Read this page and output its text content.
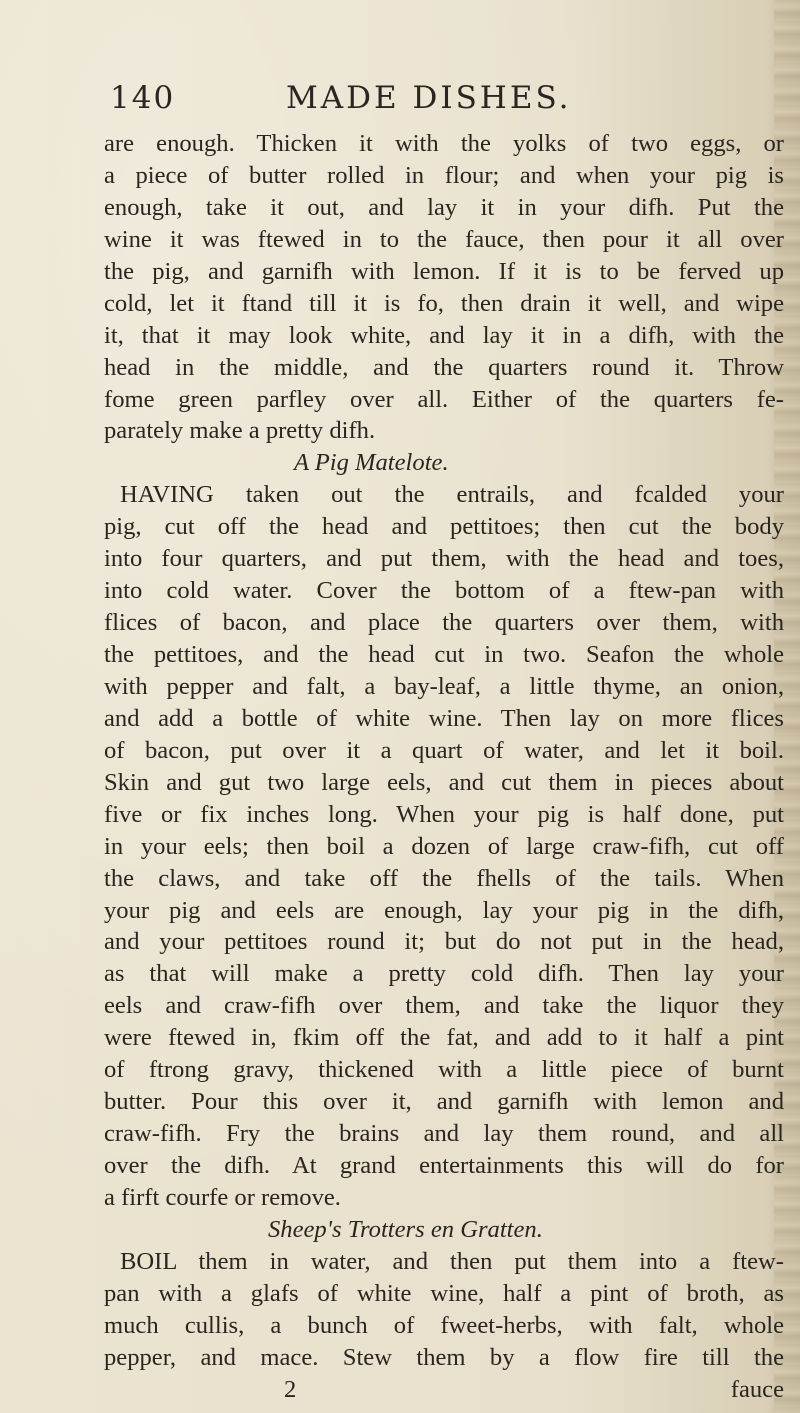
140	MADE DISHES.
are enough. Thicken it with the yolks of two eggs, or
a piece of butter rolled in flour; and when your pig is
enough, take it out, and lay it in your difh. Put the
wine it was ftewed in to the fauce, then pour it all over
the pig, and garnifh with lemon. If it is to be ferved up
cold, let it ftand till it is fo, then drain it well, and wipe
it, that it may look white, and lay it in a difh, with the
head in the middle, and the quarters round it. Throw
fome green parfley over all. Either of the quarters fe-
parately make a pretty difh.
A Pig Matelote.
HAVING taken out the entrails, and fcalded your
pig, cut off the head and pettitoes; then cut the body
into four quarters, and put them, with the head and toes,
into cold water. Cover the bottom of a ftew-pan with
flices of bacon, and place the quarters over them, with
the pettitoes, and the head cut in two. Seafon the whole
with pepper and falt, a bay-leaf, a little thyme, an onion,
and add a bottle of white wine. Then lay on more flices
of bacon, put over it a quart of water, and let it boil.
Skin and gut two large eels, and cut them in pieces about
five or fix inches long. When your pig is half done, put
in your eels; then boil a dozen of large craw-fifh, cut off
the claws, and take off the fhells of the tails. When
your pig and eels are enough, lay your pig in the difh,
and your pettitoes round it; but do not put in the head,
as that will make a pretty cold difh. Then lay your
eels and craw-fifh over them, and take the liquor they
were ftewed in, fkim off the fat, and add to it half a pint
of ftrong gravy, thickened with a little piece of burnt
butter. Pour this over it, and garnifh with lemon and
craw-fifh. Fry the brains and lay them round, and all
over the difh. At grand entertainments this will do for
a firft courfe or remove.
Sheep's Trotters en Gratten.
BOIL them in water, and then put them into a ftew-
pan with a glafs of white wine, half a pint of broth, as
much cullis, a bunch of fweet-herbs, with falt, whole
pepper, and mace. Stew them by a flow fire till the
2	fauce
